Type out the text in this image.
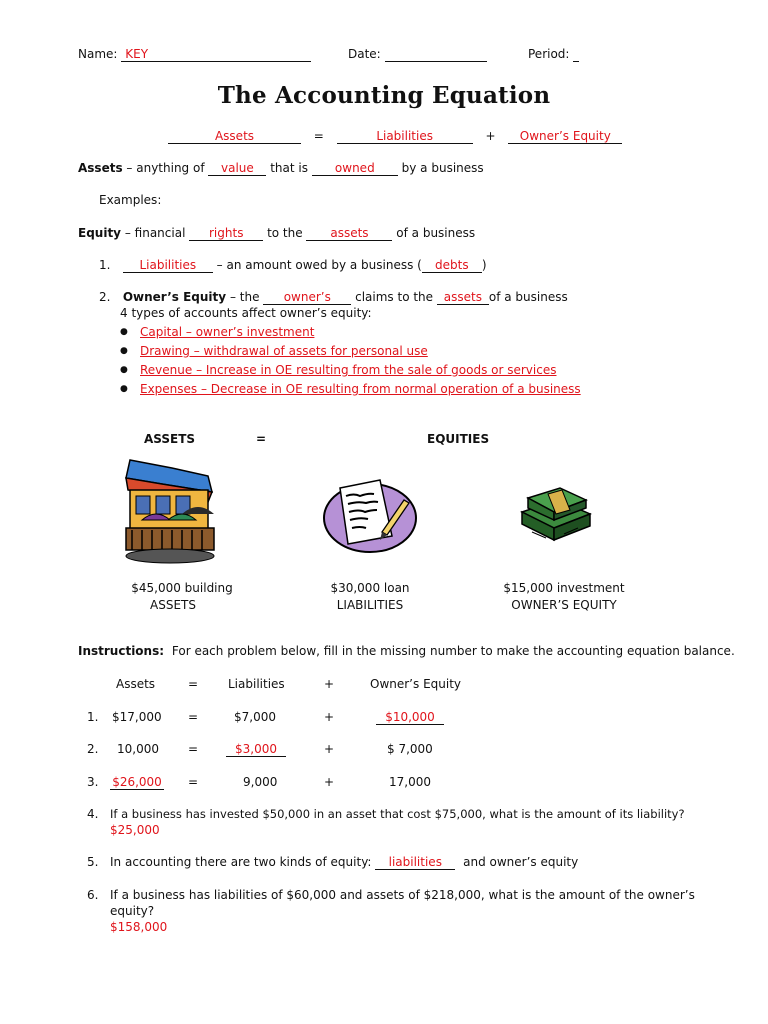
Name: KEY	Date:	Period:
The Accounting Equation
Assets	=	Liabilities	+ Owner’s Equity
Assets – anything of value that is owned by a business
Examples:
Equity – financial rights to the assets of a business
1. Liabilities – an amount owed by a business ( debts )
2. Owner’s Equity – the owner’s claims to the assets of a business
4 types of accounts affect owner’s equity:
● Capital – owner’s investment
● Drawing – withdrawal of assets for personal use
● Revenue – Increase in OE resulting from the sale of goods or services
● Expenses – Decrease in OE resulting from normal operation of a business
ASSETS	=	EQUITIES
$45,000 building
ASSETS
$30,000 loan
LIABILITIES
$15,000 investment
OWNER’S EQUITY
Instructions: For each problem below, fill in the missing number to make the accounting equation balance.
Assets	= Liabilities	+	Owner’s Equity
1. $17,000 =	$7,000	+	$10,000
2. 10,000 =	$3,000	+	$ 7,000
3. $26,000 =	9,000	+	17,000
4. If a business has invested $50,000 in an asset that cost $75,000, what is the amount of its liability?
$25,000
5. In accounting there are two kinds of equity: liabilities and owner’s equity
6. If a business has liabilities of $60,000 and assets of $218,000, what is the amount of the owner’s
equity?
$158,000
